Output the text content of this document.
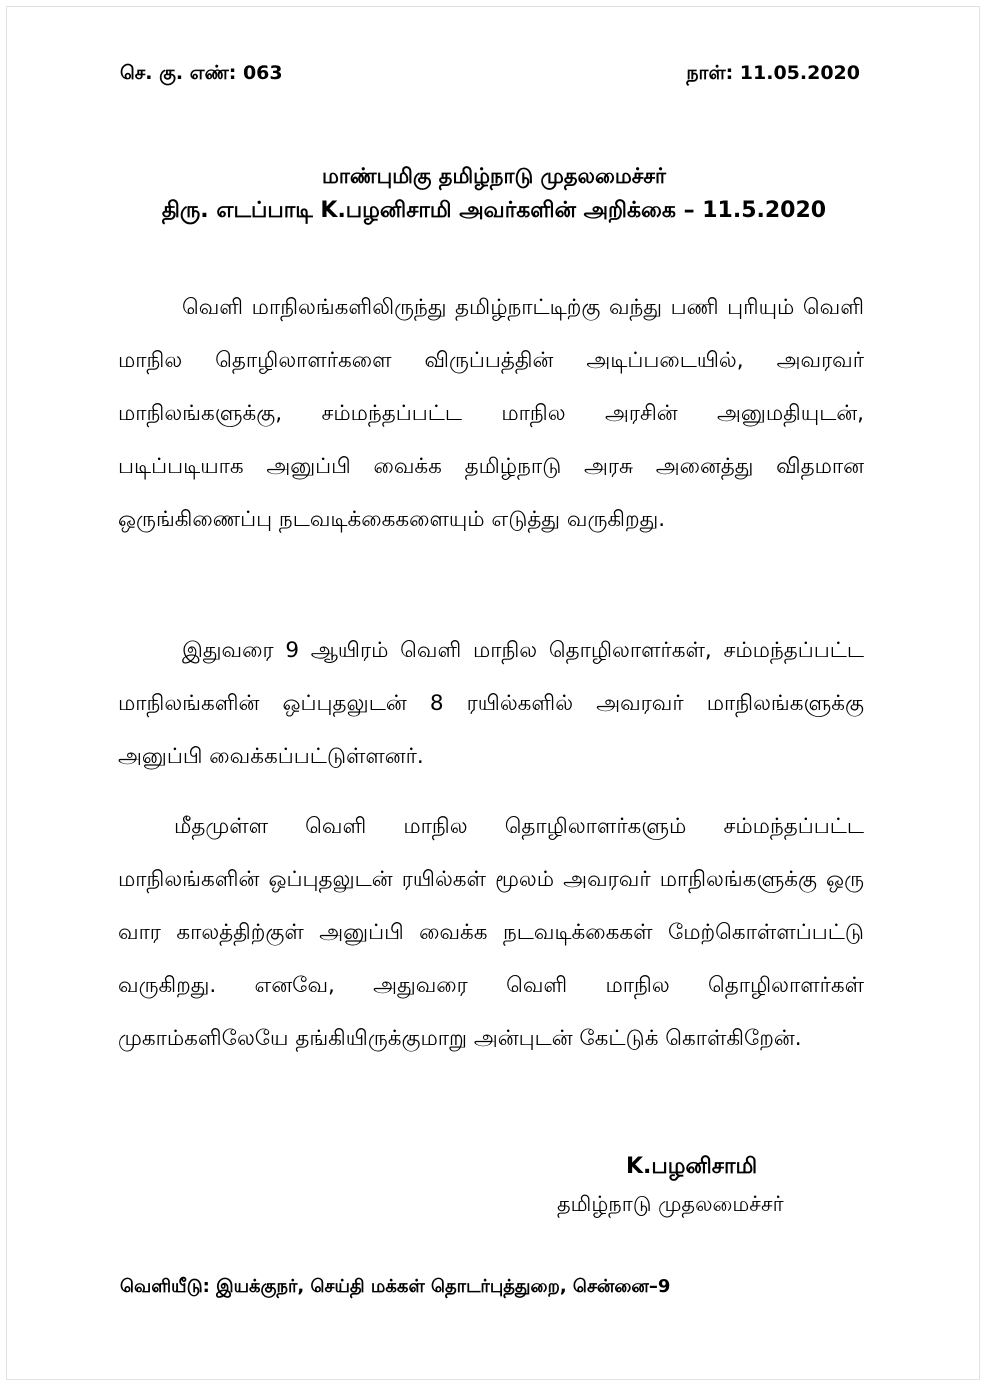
செ. கு. எண்: 063	நாள்: 11.05.2020
மாண்புமிகு தமிழ்நாடு முதலமைச்சர்
திரு. எடப்பாடி K.பழனிசாமி அவர்களின் அறிக்கை – 11.5.2020

வெளி மாநிலங்களிலிருந்து தமிழ்நாட்டிற்கு வந்து பணி புரியும் வெளி மாநில தொழிலாளர்களை விருப்பத்தின் அடிப்படையில், அவரவர் மாநிலங்களுக்கு, சம்மந்தப்பட்ட மாநில அரசின் அனுமதியுடன், படிப்படியாக அனுப்பி வைக்க தமிழ்நாடு அரசு அனைத்து விதமான ஒருங்கிணைப்பு நடவடிக்கைகளையும் எடுத்து வருகிறது.

இதுவரை 9 ஆயிரம் வெளி மாநில தொழிலாளர்கள், சம்மந்தப்பட்ட மாநிலங்களின் ஒப்புதலுடன் 8 ரயில்களில் அவரவர் மாநிலங்களுக்கு அனுப்பி வைக்கப்பட்டுள்ளனர்.

மீதமுள்ள வெளி மாநில தொழிலாளர்களும் சம்மந்தப்பட்ட மாநிலங்களின் ஒப்புதலுடன் ரயில்கள் மூலம் அவரவர் மாநிலங்களுக்கு ஒரு வார காலத்திற்குள் அனுப்பி வைக்க நடவடிக்கைகள் மேற்கொள்ளப்பட்டு வருகிறது. எனவே, அதுவரை வெளி மாநில தொழிலாளர்கள் முகாம்களிலேயே தங்கியிருக்குமாறு அன்புடன் கேட்டுக் கொள்கிறேன்.

K.பழனிசாமி
தமிழ்நாடு முதலமைச்சர்
வெளியீடு: இயக்குநர், செய்தி மக்கள் தொடர்புத்துறை, சென்னை–9
